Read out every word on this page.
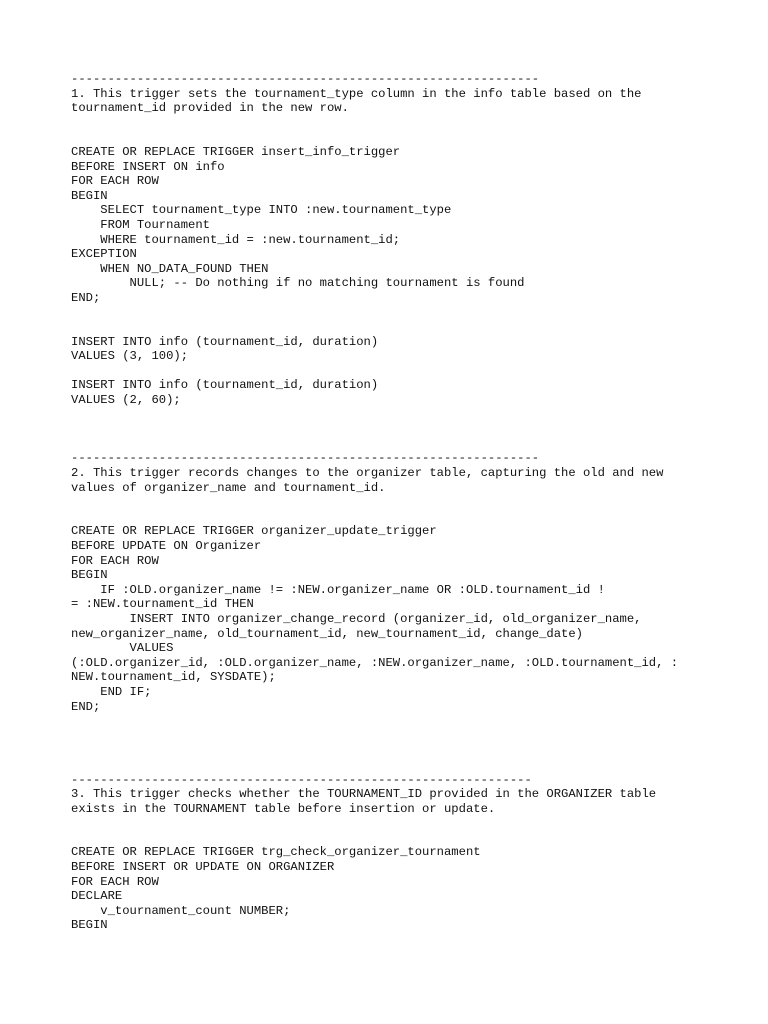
----------------------------------------------------------------
1. This trigger sets the tournament_type column in the info table based on the
tournament_id provided in the new row.
CREATE OR REPLACE TRIGGER insert_info_trigger
BEFORE INSERT ON info
FOR EACH ROW
BEGIN
SELECT tournament_type INTO :new.tournament_type
FROM Tournament
WHERE tournament_id = :new.tournament_id;
EXCEPTION
WHEN NO_DATA_FOUND THEN
NULL; -- Do nothing if no matching tournament is found
END;
INSERT INTO info (tournament_id, duration)
VALUES (3, 100);
INSERT INTO info (tournament_id, duration)
VALUES (2, 60);
----------------------------------------------------------------
2. This trigger records changes to the organizer table, capturing the old and new
values of organizer_name and tournament_id.
CREATE OR REPLACE TRIGGER organizer_update_trigger
BEFORE UPDATE ON Organizer
FOR EACH ROW
BEGIN
IF :OLD.organizer_name != :NEW.organizer_name OR :OLD.tournament_id !
= :NEW.tournament_id THEN
INSERT INTO organizer_change_record (organizer_id, old_organizer_name,
new_organizer_name, old_tournament_id, new_tournament_id, change_date)
VALUES
(:OLD.organizer_id, :OLD.organizer_name, :NEW.organizer_name, :OLD.tournament_id, :
NEW.tournament_id, SYSDATE);
END IF;
END;
---------------------------------------------------------------
3. This trigger checks whether the TOURNAMENT_ID provided in the ORGANIZER table
exists in the TOURNAMENT table before insertion or update.
CREATE OR REPLACE TRIGGER trg_check_organizer_tournament
BEFORE INSERT OR UPDATE ON ORGANIZER
FOR EACH ROW
DECLARE
v_tournament_count NUMBER;
BEGIN
